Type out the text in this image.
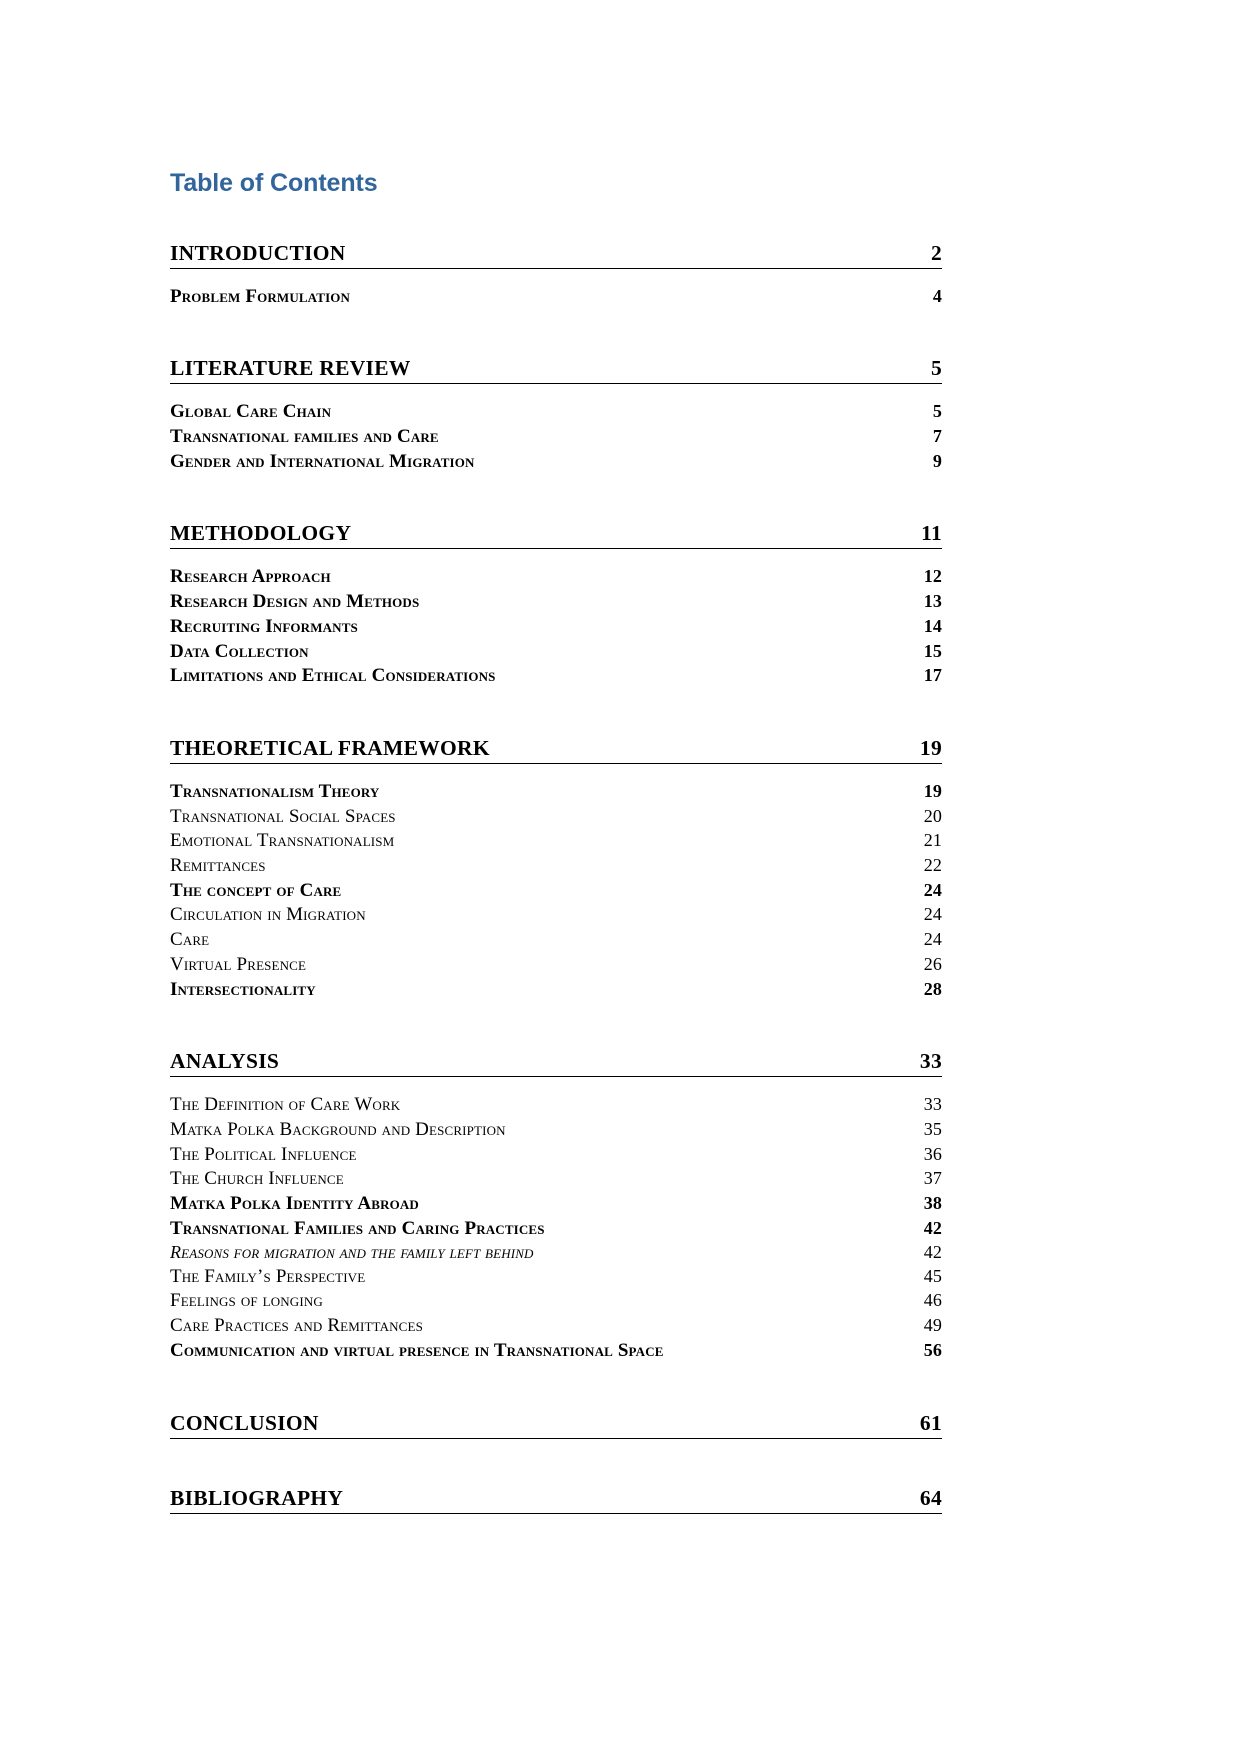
Table of Contents
INTRODUCTION	2
Problem Formulation	4
LITERATURE REVIEW	5
Global Care Chain	5
Transnational families and Care	7
Gender and International Migration	9
METHODOLOGY	11
Research Approach	12
Research Design and Methods	13
Recruiting Informants	14
Data Collection	15
Limitations and Ethical Considerations	17
THEORETICAL FRAMEWORK	19
Transnationalism Theory	19
Transnational Social Spaces	20
Emotional Transnationalism	21
Remittances	22
The concept of Care	24
Circulation in Migration	24
Care	24
Virtual Presence	26
Intersectionality	28
ANALYSIS	33
The Definition of Care Work	33
Matka Polka Background and Description	35
The Political Influence	36
The Church Influence	37
Matka Polka Identity Abroad	38
Transnational Families and Caring Practices	42
Reasons for migration and the family left behind	42
The Family’s Perspective	45
Feelings of longing	46
Care Practices and Remittances	49
Communication and virtual presence in Transnational Space	56
CONCLUSION	61
BIBLIOGRAPHY	64
